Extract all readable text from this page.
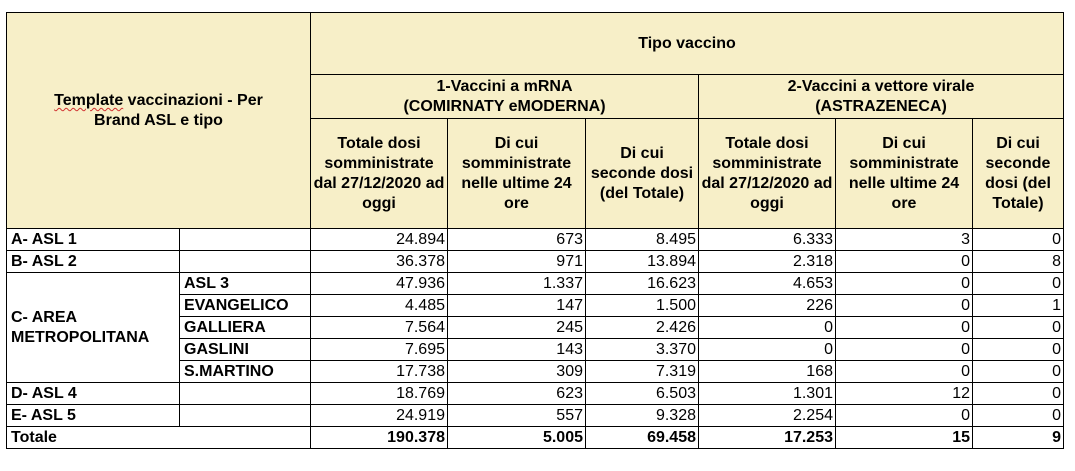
Template vaccinazioni - Per
Brand ASL e tipo		Tipo vaccino					
		1-Vaccini a mRNA
(COMIRNATY eMODERNA)			2-Vaccini a vettore virale
(ASTRAZENECA)		
		Totale dosi somministrate dal 27/12/2020 ad oggi	Di cui somministrate nelle ultime 24 ore	Di cui seconde dosi (del Totale)	Totale dosi somministrate dal 27/12/2020 ad oggi	Di cui somministrate nelle ultime 24 ore	Di cui seconde dosi (del Totale)
A- ASL 1		24.894	673	8.495	6.333	3	0
B- ASL 2		36.378	971	13.894	2.318	0	8
C- AREA
METROPOLITANA	ASL 3	47.936	1.337	16.623	4.653	0	0
	EVANGELICO	4.485	147	1.500	226	0	1
	GALLIERA	7.564	245	2.426	0	0	0
	GASLINI	7.695	143	3.370	0	0	0
	S.MARTINO	17.738	309	7.319	168	0	0
D- ASL 4		18.769	623	6.503	1.301	12	0
E- ASL 5		24.919	557	9.328	2.254	0	0
Totale		190.378	5.005	69.458	17.253	15	9
